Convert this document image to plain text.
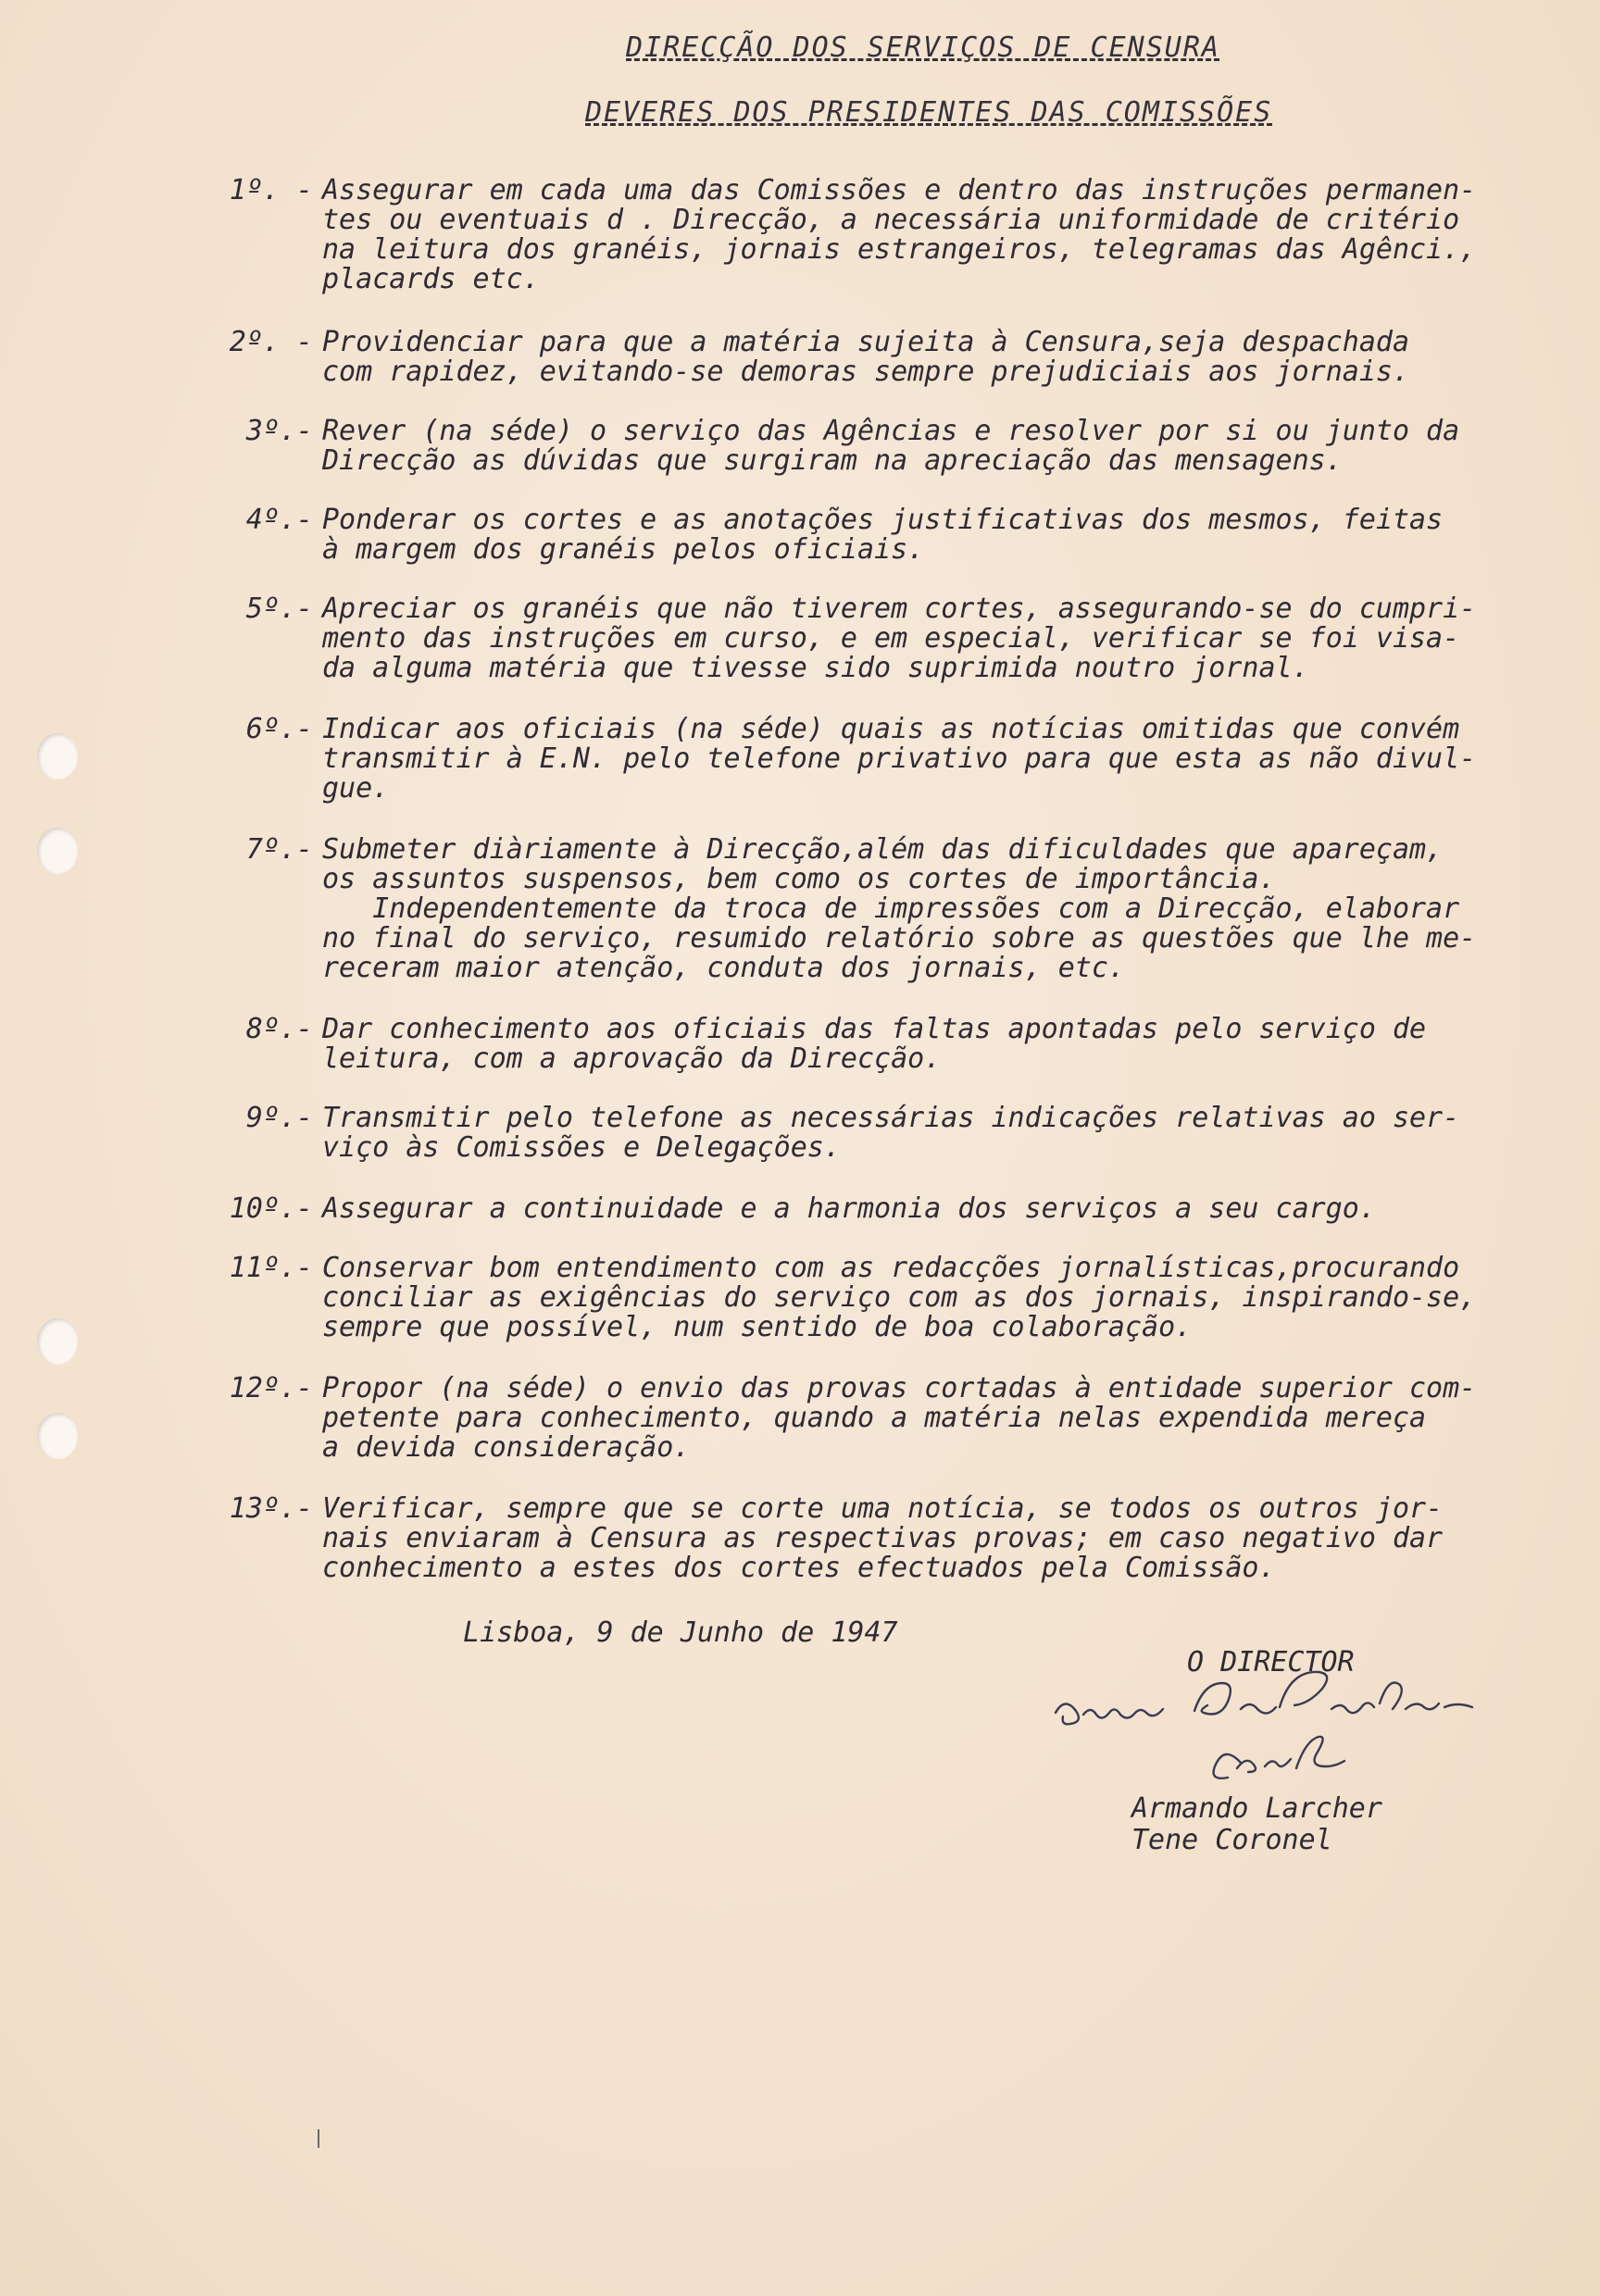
DIRECÇÃO DOS SERVIÇOS DE CENSURA
DEVERES DOS PRESIDENTES DAS COMISSÕES
1º. - Assegurar em cada uma das Comissões e dentro das instruções permanen-
tes ou eventuais d . Direcção, a necessária uniformidade de critério
na leitura dos granéis, jornais estrangeiros, telegramas das Agênci.,
placards etc.
2º. - Providenciar para que a matéria sujeita à Censura,seja despachada
com rapidez, evitando-se demoras sempre prejudiciais aos jornais.
3º.- Rever (na séde) o serviço das Agências e resolver por si ou junto da
Direcção as dúvidas que surgiram na apreciação das mensagens.
4º.- Ponderar os cortes e as anotações justificativas dos mesmos, feitas
à margem dos granéis pelos oficiais.
5º.- Apreciar os granéis que não tiverem cortes, assegurando-se do cumpri-
mento das instruções em curso, e em especial, verificar se foi visa-
da alguma matéria que tivesse sido suprimida noutro jornal.
6º.- Indicar aos oficiais (na séde) quais as notícias omitidas que convém
transmitir à E.N. pelo telefone privativo para que esta as não divul-
gue.
7º.- Submeter diàriamente à Direcção,além das dificuldades que apareçam,
os assuntos suspensos, bem como os cortes de importância.
Independentemente da troca de impressões com a Direcção, elaborar
no final do serviço, resumido relatório sobre as questões que lhe me-
receram maior atenção, conduta dos jornais, etc.
8º.- Dar conhecimento aos oficiais das faltas apontadas pelo serviço de
leitura, com a aprovação da Direcção.
9º.- Transmitir pelo telefone as necessárias indicações relativas ao ser-
viço às Comissões e Delegações.
10º.- Assegurar a continuidade e a harmonia dos serviços a seu cargo.
11º.- Conservar bom entendimento com as redacções jornalísticas,procurando
conciliar as exigências do serviço com as dos jornais, inspirando-se,
sempre que possível, num sentido de boa colaboração.
12º.- Propor (na séde) o envio das provas cortadas à entidade superior com-
petente para conhecimento, quando a matéria nelas expendida mereça
a devida consideração.
13º.- Verificar, sempre que se corte uma notícia, se todos os outros jor-
nais enviaram à Censura as respectivas provas; em caso negativo dar
conhecimento a estes dos cortes efectuados pela Comissão.
Lisboa, 9 de Junho de 1947
O DIRECTOR
Armando Larcher
Tene Coronel
